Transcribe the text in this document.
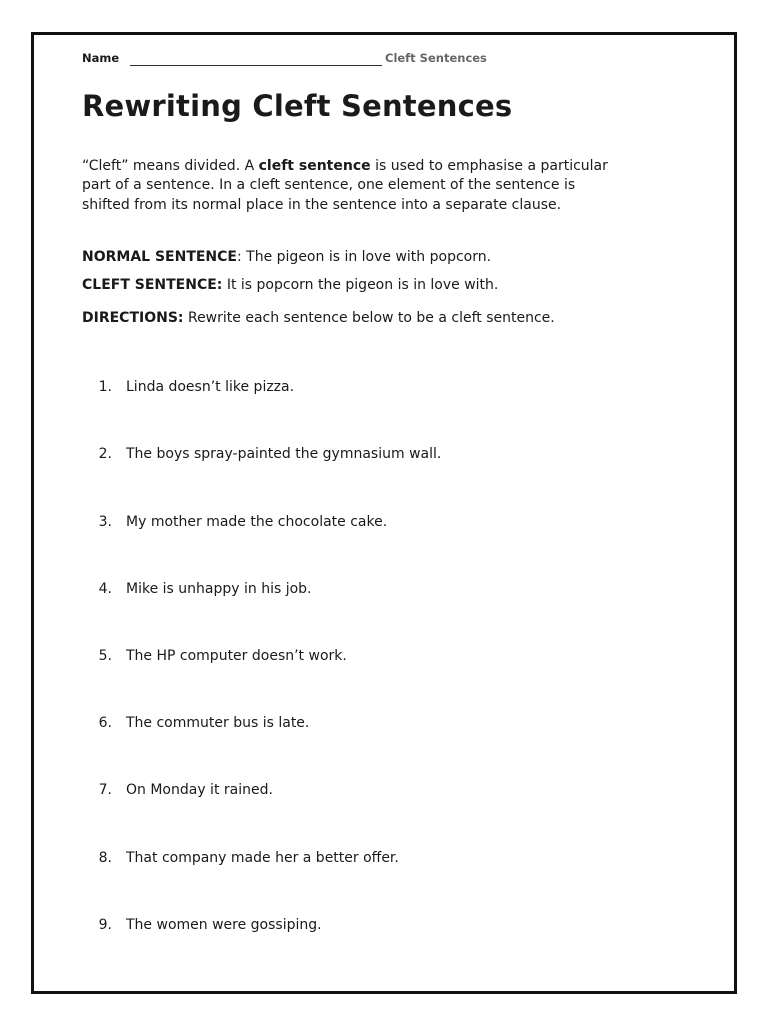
Name	Cleft Sentences
Rewriting Cleft Sentences

“Cleft” means divided. A cleft sentence is used to emphasise a particular part of a sentence. In a cleft sentence, one element of the sentence is shifted from its normal place in the sentence into a separate clause.

NORMAL SENTENCE: The pigeon is in love with popcorn.

CLEFT SENTENCE: It is popcorn the pigeon is in love with.

DIRECTIONS: Rewrite each sentence below to be a cleft sentence.

1. Linda doesn’t like pizza.
2. The boys spray-painted the gymnasium wall.
3. My mother made the chocolate cake.
4. Mike is unhappy in his job.
5. The HP computer doesn’t work.
6. The commuter bus is late.
7. On Monday it rained.
8. That company made her a better offer.
9. The women were gossiping.
